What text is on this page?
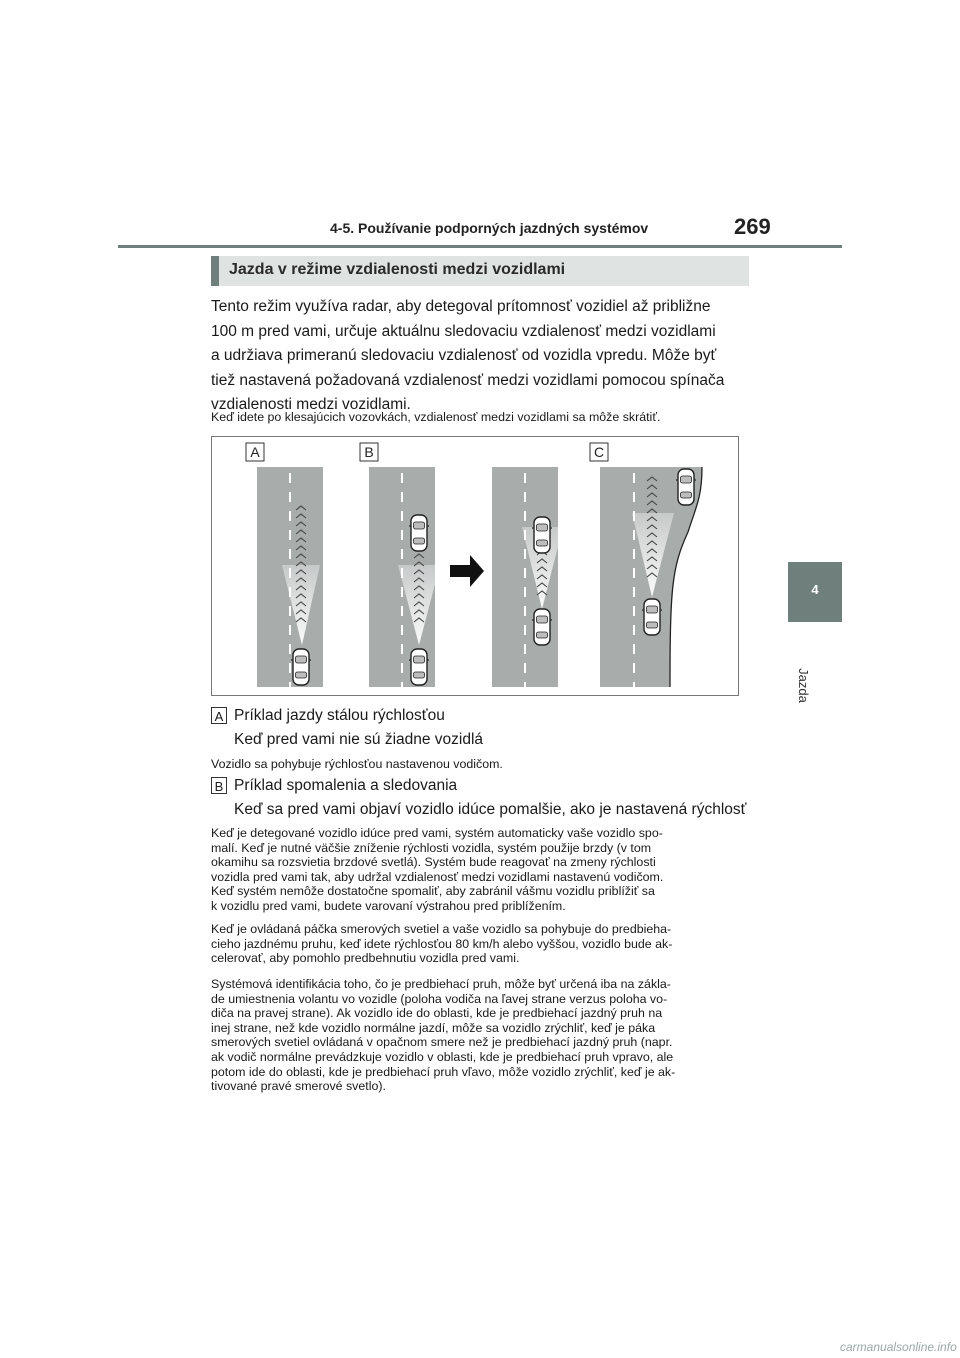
4-5. Používanie podporných jazdných systémov	269
4
Jazda
Jazda v režime vzdialenosti medzi vozidlami
Tento režim využíva radar, aby detegoval prítomnosť vozidiel až približne
100 m pred vami, určuje aktuálnu sledovaciu vzdialenosť medzi vozidlami
a udržiava primeranú sledovaciu vzdialenosť od vozidla vpredu. Môže byť
tiež nastavená požadovaná vzdialenosť medzi vozidlami pomocou spínača
vzdialenosti medzi vozidlami.
Keď idete po klesajúcich vozovkách, vzdialenosť medzi vozidlami sa môže skrátiť.
A	B	C
A Príklad jazdy stálou rýchlosťou
Keď pred vami nie sú žiadne vozidlá
Vozidlo sa pohybuje rýchlosťou nastavenou vodičom.
B Príklad spomalenia a sledovania
Keď sa pred vami objaví vozidlo idúce pomalšie, ako je nastavená rýchlosť
Keď je detegované vozidlo idúce pred vami, systém automaticky vaše vozidlo spo-
malí. Keď je nutné väčšie zníženie rýchlosti vozidla, systém použije brzdy (v tom
okamihu sa rozsvietia brzdové svetlá). Systém bude reagovať na zmeny rýchlosti
vozidla pred vami tak, aby udržal vzdialenosť medzi vozidlami nastavenú vodičom.
Keď systém nemôže dostatočne spomaliť, aby zabránil vášmu vozidlu priblížiť sa
k vozidlu pred vami, budete varovaní výstrahou pred priblížením.
Keď je ovládaná páčka smerových svetiel a vaše vozidlo sa pohybuje do predbieha-
cieho jazdnému pruhu, keď idete rýchlosťou 80 km/h alebo vyššou, vozidlo bude ak-
celerovať, aby pomohlo predbehnutiu vozidla pred vami.
Systémová identifikácia toho, čo je predbiehací pruh, môže byť určená iba na zákla-
de umiestnenia volantu vo vozidle (poloha vodiča na ľavej strane verzus poloha vo-
diča na pravej strane). Ak vozidlo ide do oblasti, kde je predbiehací jazdný pruh na
inej strane, než kde vozidlo normálne jazdí, môže sa vozidlo zrýchliť, keď je páka
smerových svetiel ovládaná v opačnom smere než je predbiehací jazdný pruh (napr.
ak vodič normálne prevádzkuje vozidlo v oblasti, kde je predbiehací pruh vpravo, ale
potom ide do oblasti, kde je predbiehací pruh vľavo, môže vozidlo zrýchliť, keď je ak-
tivované pravé smerové svetlo).
carmanualsonline.info
